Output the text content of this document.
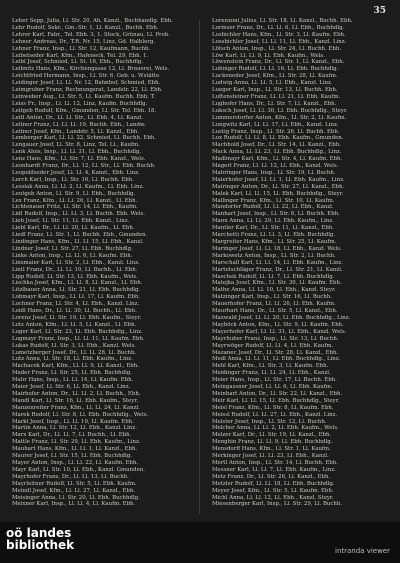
35

Leher Sepp, Julia, Ll. Str. 20, Ah. Kanzl., Buchhandlg. Ebh.

Lehr Rudolf, Sekr., Gm.-Str. 1, Ll. Kanzl., Buchh. Ebh.

Lehrer Karl, Fabr., Tel. Ebh. 3, 1. Stock, Grünau, Ll. Prob.

Lehner Andreas, Dr., T.R. Nr. 15, Linz, Gd. Halblerg.

Lehner Franz, Insp., Ll. Str. 12, Kaufmann, Buchh.

Leibetseder Karl, Kfm., Hafeneck, Tel. 29, Ebh. 1.

Leibl Josef, Schmied, Ll. St. 18, Ebh., Buchhdlg.

Leibnitz Hans, Kfm., Kirchengasse 12, Ll. Brauerei, Wels.

Leichtfried Hermann, Insp., Ll. Str. 6, Geb. u. Wstätte

Leidinger Josef, Ll. Ll. Nr. 12, Bahnhof, Schmied, Ebh.

Leimgruber Franz, Rechnungsrat, Landstr. 22, Ll. Ebh.

Leinweber Aug., Ll. Str. 5, Ll. Kaufm. Buchh. Ebh. T.

Leiss Fr., Insp., Ll. Ll. 12, Linz, Kaufm. Buchhdlg.

Leitgeb Rudolf, Kfm., Gmunden, Ll. Str. Tel. Ebh. 18.

Leitl Anton, Dr., Ll. Ll. Str., Ll. Ebh. 4, Ll. Kanzl.

Leitner Franz, Ll. Ll. Ll. 19, Buchh. Ebh., Landw.

Leitner Josef, Kfm., Landstr. 5, Ll. Kanzl., Ebh.

Lemberger Karl, Ll. Ll. 22, Schmied, Ll. Buchh. Ebh.

Lengauer Josef, Ll. Str. 8, Linz, Tel. Ll., Kaufm.

Lenk Alois, Insp., Ll. Ll. 31, Ll. Ebh., Buchhdlg.

Lenz Hans, Kfm., Ll. Str. 7, Ll. Ebh. Kanzl., Wels.

Leonhardt Franz, Dr., Ll. 12, Ll. Str., Ll. Ebh. Buchh.

Leopoldseder Josef, Ll. Ll. 4, Kanzl., Ebh. Linz.

Lerch Karl, Insp., Ll. Str. 16, Ll. Buchh. Ebh.

Lessiak Anna, Ll. Ll. 2, Ll. Kaufm., Ll. Ebh. Linz.

Leutgeb Anton, Ll. Str. 9, Ll. Ebh., Buchhdlg.

Lex Franz, Kfm., Ll. Ll. 26, Ll. Kanzl., Ll. Ebh.

Lichtenauer Fritz, Ll. Str. 14, Ll. Ebh., Kaufm.

Lidl Rudolf, Insp., Ll. Ll. 3, Ll. Buchh. Ebh. Wels.

Lieb Josef, Ll. Str. 11, Ll. Ebh. Kanzl., Linz.

Liebl Karl, Dr., Ll. Ll. 20, Ll. Kaufm., Ll. Ebh.

Liedl Franz, Ll. Str. 1, Ll. Buchh. Ebh., Gmunden.

Lindinger Hans, Kfm., Ll. Ll. 15, Ll. Ebh., Kanzl.

Lindner Josef, Ll. Str. 27, Ll. Ebh. Buchhdlg.

Linke Anton, Insp., Ll. Ll. 6, Ll. Kaufm. Ebh.

Linsmaier Karl, Ll. Str. 2, Ll. Ebh., Kanzl. Linz.

Lintl Franz, Dr., Ll. Ll. 10, Ll. Buchh., Ll. Ebh.

Lipp Rudolf, Ll. Str. 13, Ll. Ebh. Kaufm., Wels.

Lischka Josef, Kfm., Ll. Ll. 8, Ll. Kanzl., Ll. Ebh.

Litzlbauer Anna, Ll. Str. 21, Ll. Ebh. Buchhdlg.

Lobmayr Karl, Insp., Ll. Ll. 17, Ll. Kaufm. Ebh.

Lochner Franz, Ll. Str. 4, Ll. Ebh., Kanzl. Linz.

Loidl Hans, Dr., Ll. Ll. 30, Ll. Buchh., Ll. Ebh.

Lorenz Josef, Ll. Str. 19, Ll. Ebh. Kaufm., Steyr.

Lotz Anton, Kfm., Ll. Ll. 5, Ll. Kanzl., Ll. Ebh.

Luger Karl, Ll. Str. 23, Ll. Ebh. Buchhdlg., Linz.

Lugmayr Franz, Insp., Ll. Ll. 11, Ll. Kaufm. Ebh.

Lukas Rudolf, Ll. Str. 3, Ll. Ebh., Kanzl. Wels.

Lumetzberger Josef, Dr., Ll. Ll. 28, Ll. Buchh.

Lutz Anna, Ll. Str. 18, Ll. Ebh. Kaufm., Linz.

Machacek Karl, Kfm., Ll. Ll. 9, Ll. Kanzl., Ebh.

Mader Franz, Ll. Str. 25, Ll. Ebh. Buchhdlg.

Mahr Hans, Insp., Ll. Ll. 14, Ll. Kaufm. Ebh.

Maier Josef, Ll. Str. 6, Ll. Ebh., Kanzl. Linz.

Mairhofer Anton, Dr., Ll. Ll. 2, Ll. Buchh., Ebh.

Mandl Karl, Ll. Str. 16, Ll. Ebh. Kaufm., Steyr.

Manzenreiter Franz, Kfm., Ll. Ll. 24, Ll. Kanzl.

Marek Rudolf, Ll. Str. 8, Ll. Ebh. Buchhdlg., Wels.

Markl Josef, Insp., Ll. Ll. 19, Ll. Kaufm. Ebh.

Martin Anna, Ll. Str. 12, Ll. Ebh., Kanzl. Linz.

Marx Karl, Dr., Ll. Ll. 7, Ll. Buchh., Ll. Ebh.

Mattle Franz, Ll. Str. 29, Ll. Ebh. Kaufm., Linz.

Mauhart Hans, Kfm., Ll. Ll. 1, Ll. Kanzl., Ebh.

Maurer Josef, Ll. Str. 15, Ll. Ebh. Buchhdlg.

Mayer Anton, Insp., Ll. Ll. 22, Ll. Kaufm. Ebh.

Mayr Karl, Ll. Str. 10, Ll. Ebh., Kanzl. Gmunden.

Mayrhofer Franz, Dr., Ll. Ll. 13, Ll. Buchh.

Mayrleitner Rudolf, Ll. Str. 5, Ll. Ebh. Kaufm.

Meindl Josef, Kfm., Ll. Ll. 27, Ll. Kanzl., Ebh.

Meisinger Anna, Ll. Str. 20, Ll. Ebh. Buchhdlg.

Meixner Karl, Insp., Ll. Ll. 4, Ll. Kaufm. Ebh.

Lorenzoni Julius, Ll. Str. 18, Ll. Kanzl., Buchh. Ebh.

Lorinser Franz, Dr., Ll. Ll. 6, Ll. Ebh., Buchhdlg.

Losbichler Hans, Kfm., Ll. Str. 3, Ll. Kaufm. Ebh.

Lossbichler Josef, Ll. Ll. 11, Ll. Ebh., Kanzl. Linz.

Lötsch Anton, Insp., Ll. Str. 24, Ll. Buchh. Ebh.

Löw Karl, Ll. Ll. 9, Ll. Ebh. Kaufm., Wels.

Löwenstein Franz, Dr., Ll. Str. 1, Ll. Kanzl., Ebh.

Lubinger Rudolf, Ll. Ll. 16, Ll. Ebh. Buchhdlg.

Luckeneder Josef, Kfm., Ll. Str. 28, Ll. Kaufm.

Ludwig Anna, Ll. Ll. 5, Ll. Ebh., Kanzl. Linz.

Lueger Karl, Insp., Ll. Str. 13, Ll. Buchh. Ebh.

Luftensteiner Franz, Ll. Ll. 21, Ll. Ebh. Kaufm.

Lughofer Hans, Dr., Ll. Str. 7, Ll. Kanzl., Ebh.

Luksch Josef, Ll. Ll. 30, Ll. Ebh. Buchhdlg., Steyr.

Lummerstorfer Anton, Kfm., Ll. Str. 2, Ll. Kaufm.

Lungwitz Karl, Ll. Ll. 17, Ll. Ebh., Kanzl. Linz.

Lustig Franz, Insp., Ll. Str. 26, Ll. Buchh. Ebh.

Lux Rudolf, Ll. Ll. 8, Ll. Ebh. Kaufm., Gmunden.

Machhold Josef, Dr., Ll. Str. 14, Ll. Kanzl., Ebh.

Mack Anna, Ll. Ll. 23, Ll. Ebh. Buchhdlg., Linz.

Madlmayr Karl, Kfm., Ll. Str. 4, Ll. Kaufm. Ebh.

Magerl Franz, Ll. Ll. 12, Ll. Ebh., Kanzl. Wels.

Mahringer Hans, Insp., Ll. Str. 19, Ll. Buchh.

Maierhofer Josef, Ll. Ll. 1, Ll. Ebh. Kaufm., Linz.

Mairinger Anton, Dr., Ll. Str. 27, Ll. Kanzl., Ebh.

Malek Karl, Ll. Ll. 15, Ll. Ebh. Buchhdlg., Steyr.

Mallinger Franz, Kfm., Ll. Str. 10, Ll. Kaufm.

Mandorfer Rudolf, Ll. Ll. 22, Ll. Ebh., Kanzl.

Manhart Josef, Insp., Ll. Str. 6, Ll. Buchh. Ebh.

Mann Anna, Ll. Ll. 29, Ll. Ebh. Kaufm., Linz.

Mantler Karl, Dr., Ll. Str. 11, Ll. Kanzl., Ebh.

Marchetti Franz, Ll. Ll. 3, Ll. Ebh. Buchhdlg.

Margreiter Hans, Kfm., Ll. Str. 25, Ll. Kaufm.

Maringer Josef, Ll. Ll. 18, Ll. Ebh., Kanzl. Wels.

Markowetz Anton, Insp., Ll. Str. 2, Ll. Buchh.

Marschall Karl, Ll. Ll. 14, Ll. Ebh. Kaufm., Linz.

Martetschläger Franz, Dr., Ll. Str. 21, Ll. Kanzl.

Maschek Rudolf, Ll. Ll. 7, Ll. Ebh. Buchhdlg.

Matejka Josef, Kfm., Ll. Str. 30, Ll. Kaufm. Ebh.

Mathe Anna, Ll. Ll. 10, Ll. Ebh., Kanzl. Steyr.

Matzinger Karl, Insp., Ll. Str. 16, Ll. Buchh.

Mauerhofer Franz, Ll. Ll. 26, Ll. Ebh. Kaufm.

Maurhart Hans, Dr., Ll. Str. 5, Ll. Kanzl., Ebh.

Maxwald Josef, Ll. Ll. 20, Ll. Ebh. Buchhdlg., Linz.

Mayböck Anton, Kfm., Ll. Str. 9, Ll. Kaufm. Ebh.

Mayerhofer Karl, Ll. Ll. 31, Ll. Ebh., Kanzl. Wels.

Mayrhuber Franz, Insp., Ll. Str. 13, Ll. Buchh.

Mayrwöger Rudolf, Ll. Ll. 4, Ll. Ebh. Kaufm.

Mazanec Josef, Dr., Ll. Str. 28, Ll. Kanzl., Ebh.

Medl Anna, Ll. Ll. 11, Ll. Ebh. Buchhdlg., Linz.

Mehl Karl, Kfm., Ll. Str. 3, Ll. Kaufm. Ebh.

Meidinger Franz, Ll. Ll. 24, Ll. Ebh., Kanzl.

Meier Hans, Insp., Ll. Str. 17, Ll. Buchh. Ebh.

Meingassner Josef, Ll. Ll. 6, Ll. Ebh. Kaufm.

Meinhart Anton, Dr., Ll. Str. 22, Ll. Kanzl., Ebh.

Meir Karl, Ll. Ll. 15, Ll. Ebh. Buchhdlg., Steyr.

Meisl Franz, Kfm., Ll. Str. 8, Ll. Kaufm. Ebh.

Meissl Rudolf, Ll. Ll. 27, Ll. Ebh., Kanzl. Linz.

Meister Josef, Insp., Ll. Str. 12, Ll. Buchh.

Melcher Anna, Ll. Ll. 2, Ll. Ebh. Kaufm., Wels.

Melzer Karl, Dr., Ll. Str. 19, Ll. Kanzl., Ebh.

Menghin Franz, Ll. Ll. 9, Ll. Ebh. Buchhdlg.

Mensdorff Hans, Kfm., Ll. Str. 1, Ll. Kaufm.

Merkinger Josef, Ll. Ll. 23, Ll. Ebh., Kanzl.

Mertl Anton, Insp., Ll. Str. 14, Ll. Buchh. Ebh.

Messner Karl, Ll. Ll. 7, Ll. Ebh. Kaufm., Linz.

Metz Franz, Dr., Ll. Str. 26, Ll. Kanzl., Ebh.

Metzler Rudolf, Ll. Ll. 18, Ll. Ebh. Buchhdlg.

Meyer Josef, Kfm., Ll. Str. 5, Ll. Kaufm. Ebh.

Michl Anna, Ll. Ll. 12, Ll. Ebh., Kanzl. Steyr.

Miesenberger Karl, Insp., Ll. Str. 29, Ll. Buchh.

oö landes
bibliothek	intranda viewer
